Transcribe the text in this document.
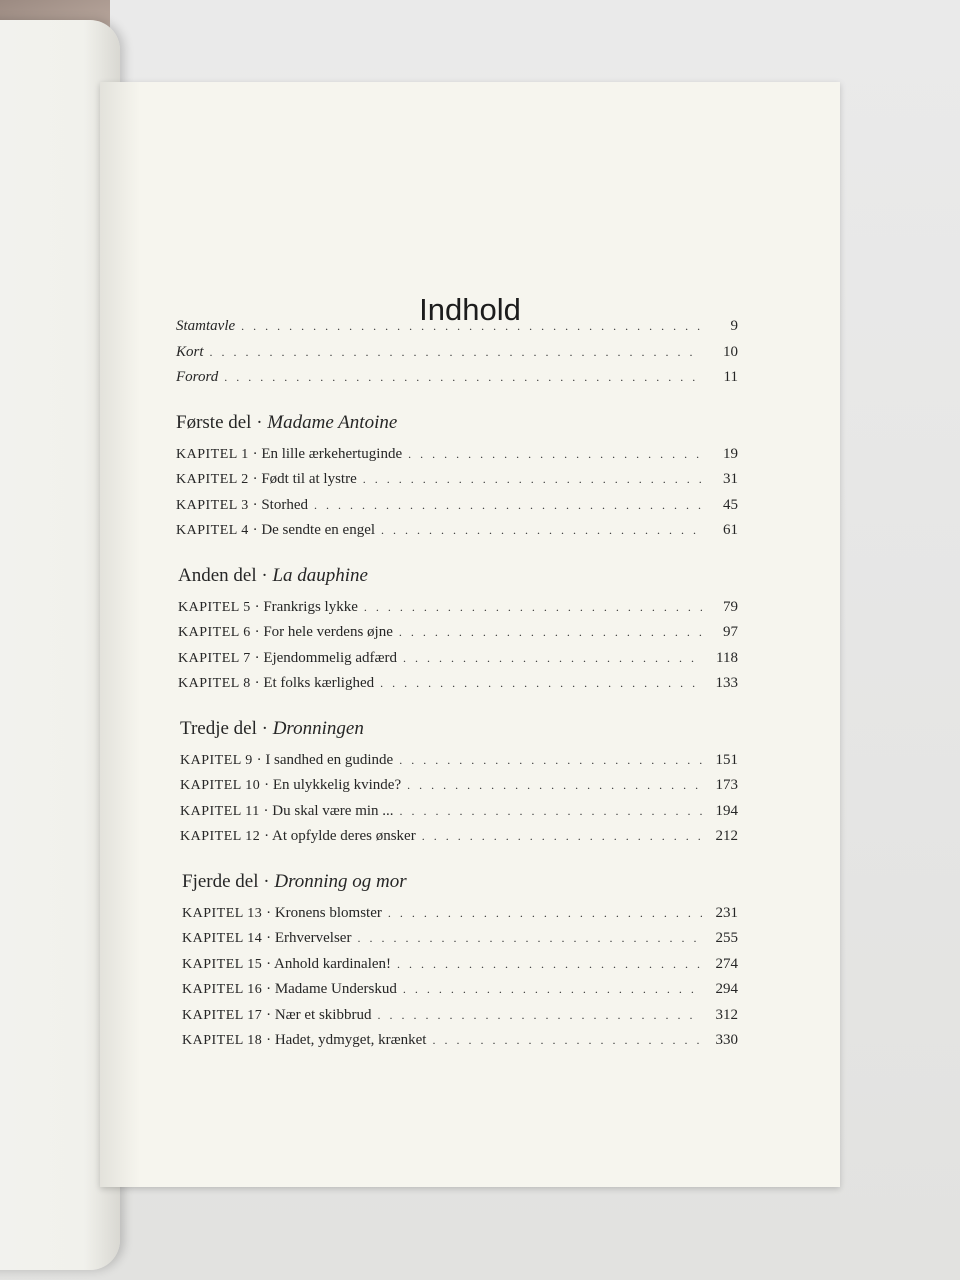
Indhold
Stamtavle . . .	9
Kort . . .	10
Forord . . .	11
Første del · Madame Antoine
KAPITEL 1 · En lille ærkehertuginde . . .	19
KAPITEL 2 · Født til at lystre . . .	31
KAPITEL 3 · Storhed . . .	45
KAPITEL 4 · De sendte en engel . . .	61
Anden del · La dauphine
KAPITEL 5 · Frankrigs lykke . . .	79
KAPITEL 6 · For hele verdens øjne . . .	97
KAPITEL 7 · Ejendommelig adfærd . . .	118
KAPITEL 8 · Et folks kærlighed . . .	133
Tredje del · Dronningen
KAPITEL 9 · I sandhed en gudinde . . .	151
KAPITEL 10 · En ulykkelig kvinde? . . .	173
KAPITEL 11 · Du skal være min ... . . .	194
KAPITEL 12 · At opfylde deres ønsker . . .	212
Fjerde del · Dronning og mor
KAPITEL 13 · Kronens blomster . . .	231
KAPITEL 14 · Erhvervelser . . .	255
KAPITEL 15 · Anhold kardinalen! . . .	274
KAPITEL 16 · Madame Underskud . . .	294
KAPITEL 17 · Nær et skibbrud . . .	312
KAPITEL 18 · Hadet, ydmyget, krænket . . .	330
